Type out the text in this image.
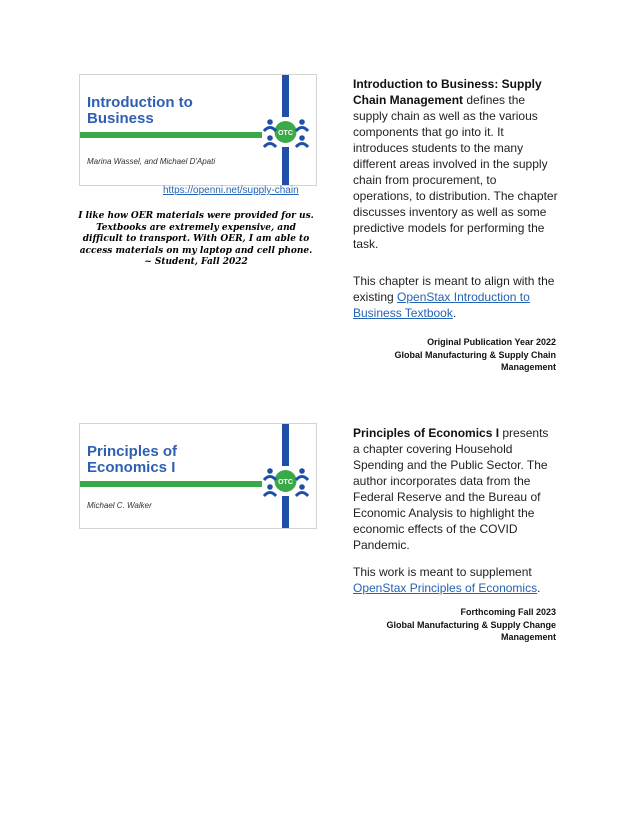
Introduction to
Business
Marina Wassel, and Michael D'Apati
OTC
https://openni.net/supply-chain
I like how OER materials were provided for us. Textbooks are extremely expensive, and difficult to transport. With OER, I am able to access materials on my laptop and cell phone.
~ Student, Fall 2022

Introduction to Business: Supply Chain Management defines the supply chain as well as the various components that go into it. It introduces students to the many different areas involved in the supply chain from procurement, to operations, to distribution. The chapter discusses inventory as well as some predictive models for performing the task.

This chapter is meant to align with the existing OpenStax Introduction to Business Textbook.

Original Publication Year 2022
Global Manufacturing & Supply Chain
Management
Principles of
Economics I
Michael C. Walker
OTC

Principles of Economics I presents a chapter covering Household Spending and the Public Sector. The author incorporates data from the Federal Reserve and the Bureau of Economic Analysis to highlight the economic effects of the COVID Pandemic.

This work is meant to supplement OpenStax Principles of Economics.

Forthcoming Fall 2023
Global Manufacturing & Supply Change
Management
